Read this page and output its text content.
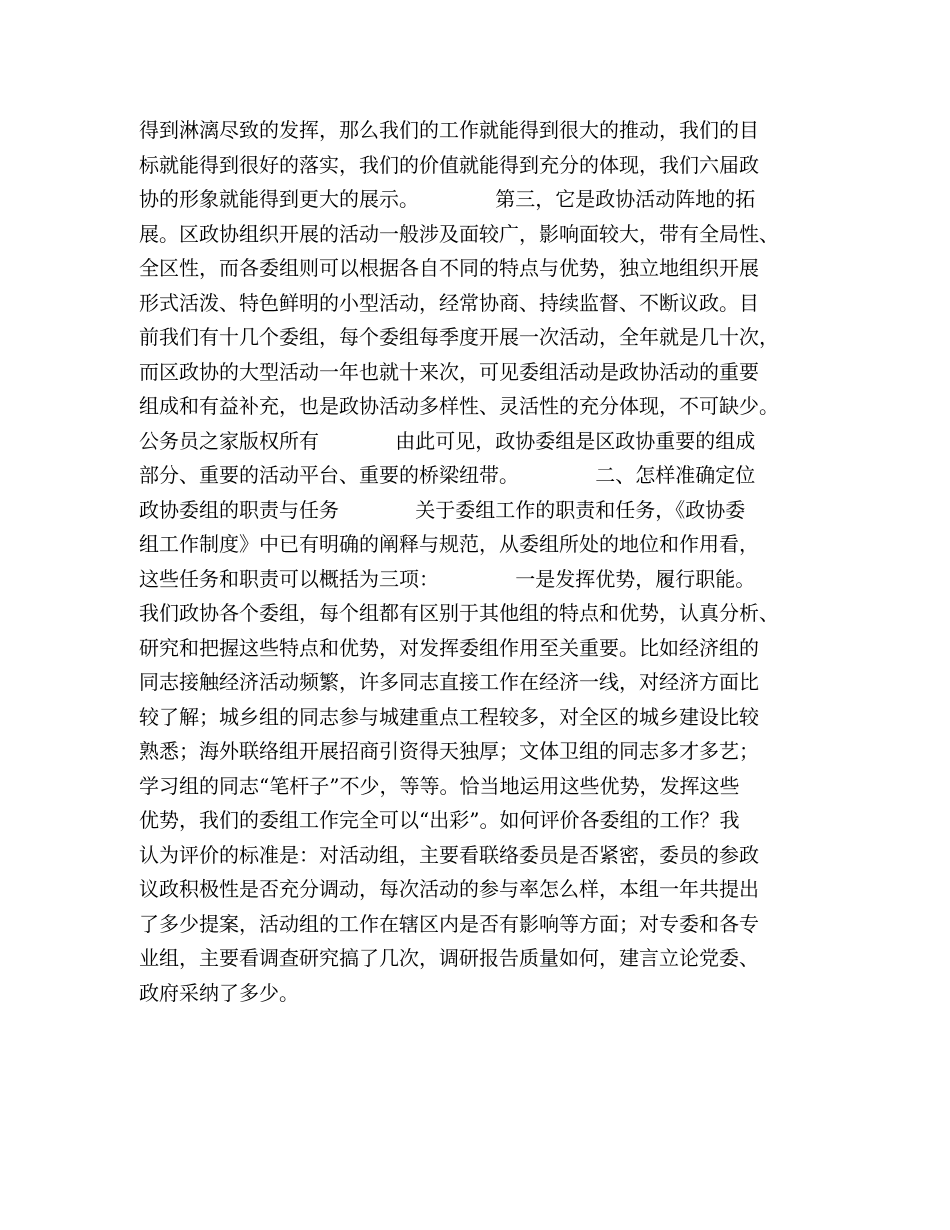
得到淋漓尽致的发挥，那么我们的工作就能得到很大的推动，我们的目
标就能得到很好的落实，我们的价值就能得到充分的体现，我们六届政
协的形象就能得到更大的展示。            第三，它是政协活动阵地的拓
展。区政协组织开展的活动一般涉及面较广，影响面较大，带有全局性、
全区性，而各委组则可以根据各自不同的特点与优势，独立地组织开展
形式活泼、特色鲜明的小型活动，经常协商、持续监督、不断议政。目
前我们有十几个委组，每个委组每季度开展一次活动，全年就是几十次，
而区政协的大型活动一年也就十来次，可见委组活动是政协活动的重要
组成和有益补充，也是政协活动多样性、灵活性的充分体现，不可缺少。
公务员之家版权所有            由此可见，政协委组是区政协重要的组成
部分、重要的活动平台、重要的桥梁纽带。            二、怎样准确定位
政协委组的职责与任务            关于委组工作的职责和任务，《政协委
组工作制度》中已有明确的阐释与规范，从委组所处的地位和作用看，
这些任务和职责可以概括为三项：            一是发挥优势，履行职能。
我们政协各个委组，每个组都有区别于其他组的特点和优势，认真分析、
研究和把握这些特点和优势，对发挥委组作用至关重要。比如经济组的
同志接触经济活动频繁，许多同志直接工作在经济一线，对经济方面比
较了解；城乡组的同志参与城建重点工程较多，对全区的城乡建设比较
熟悉；海外联络组开展招商引资得天独厚；文体卫组的同志多才多艺；
学习组的同志“笔杆子”不少，等等。恰当地运用这些优势，发挥这些
优势，我们的委组工作完全可以“出彩”。如何评价各委组的工作？我
认为评价的标准是：对活动组，主要看联络委员是否紧密，委员的参政
议政积极性是否充分调动，每次活动的参与率怎么样，本组一年共提出
了多少提案，活动组的工作在辖区内是否有影响等方面；对专委和各专
业组，主要看调查研究搞了几次，调研报告质量如何，建言立论党委、
政府采纳了多少。
